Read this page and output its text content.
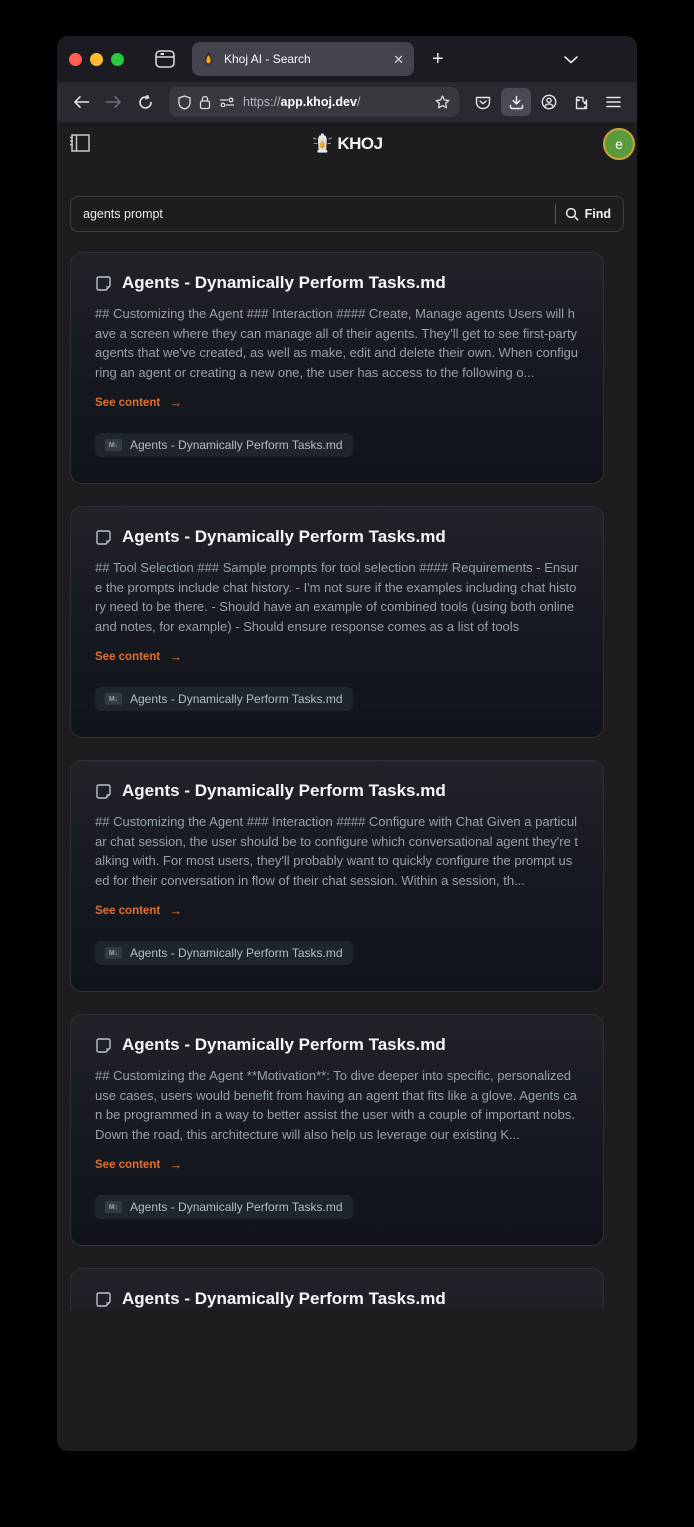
Khoj AI - Search	✕ +
https://app.khoj.dev/
KHOJ	e
agents prompt
Find
Agents - Dynamically Perform Tasks.md
## Customizing the Agent ### Interaction #### Create, Manage agents Users will have a screen where they can manage all of their agents. They'll get to see first-party agents that we've created, as well as make, edit and delete their own. When configuring an agent or creating a new one, the user has access to the following o...
See content →
M↓ Agents - Dynamically Perform Tasks.md
Agents - Dynamically Perform Tasks.md
## Tool Selection ### Sample prompts for tool selection #### Requirements - Ensure the prompts include chat history. - I'm not sure if the examples including chat history need to be there. - Should have an example of combined tools (using both online and notes, for example) - Should ensure response comes as a list of tools
See content →
M↓ Agents - Dynamically Perform Tasks.md
Agents - Dynamically Perform Tasks.md
## Customizing the Agent ### Interaction #### Configure with Chat Given a particular chat session, the user should be to configure which conversational agent they're talking with. For most users, they'll probably want to quickly configure the prompt used for their conversation in flow of their chat session. Within a session, th...
See content →
M↓ Agents - Dynamically Perform Tasks.md
Agents - Dynamically Perform Tasks.md
## Customizing the Agent **Motivation**: To dive deeper into specific, personalized use cases, users would benefit from having an agent that fits like a glove. Agents can be programmed in a way to better assist the user with a couple of important nobs. Down the road, this architecture will also help us leverage our existing K...
See content →
M↓ Agents - Dynamically Perform Tasks.md
Agents - Dynamically Perform Tasks.md
